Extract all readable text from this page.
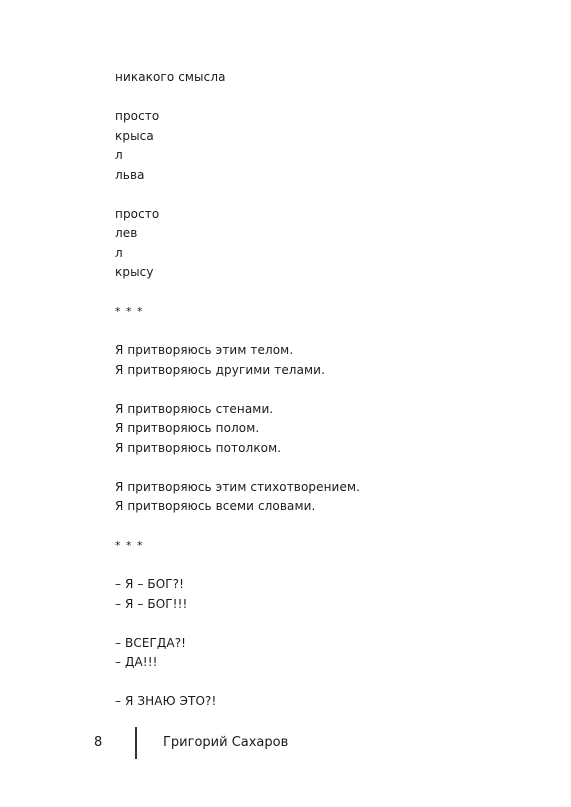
никакого смысла
просто
крыса
л
льва
просто
лев
л
крысу
* * *
Я притворяюсь этим телом.
Я притворяюсь другими телами.
Я притворяюсь стенами.
Я притворяюсь полом.
Я притворяюсь потолком.
Я притворяюсь этим стихотворением.
Я притворяюсь всеми словами.
* * *
– Я – БОГ?!
– Я – БОГ!!!
– ВСЕГДА?!
– ДА!!!
– Я ЗНАЮ ЭТО?!
8	Григорий Сахаров
